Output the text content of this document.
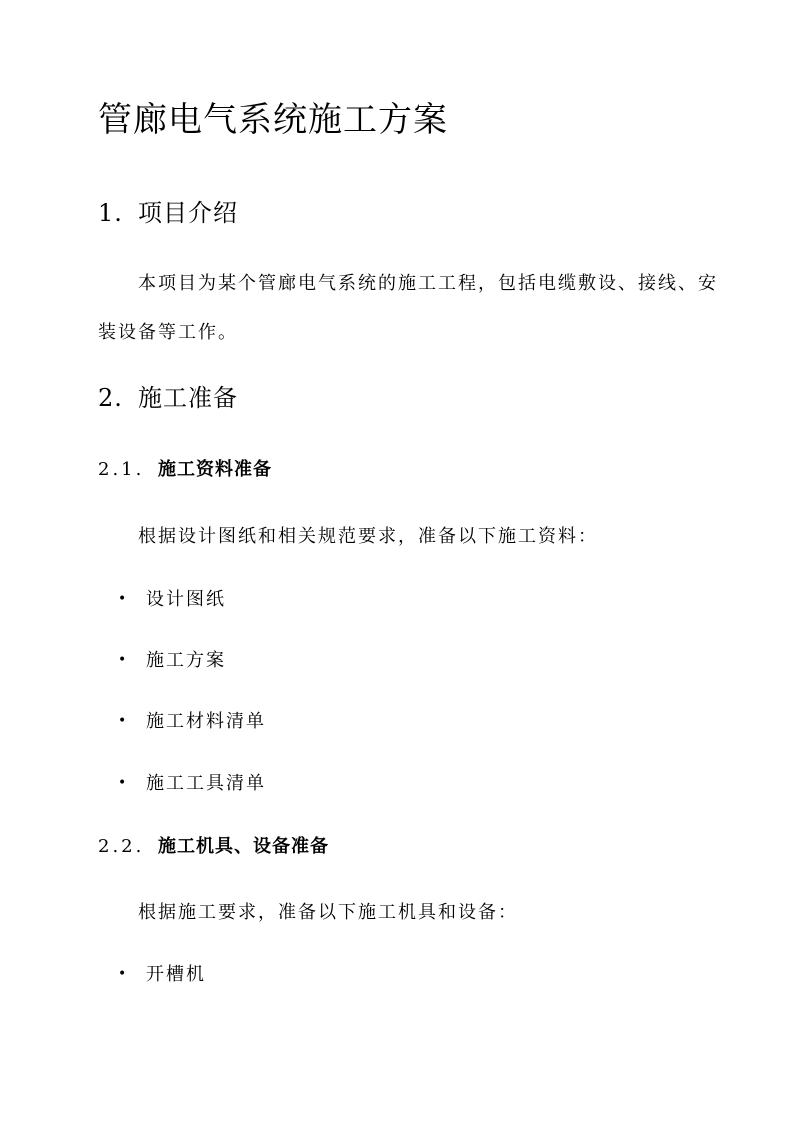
管廊电气系统施工方案
1. 项目介绍
本项目为某个管廊电气系统的施工工程，包括电缆敷设、接线、安装设备等工作。
2. 施工准备
2.1. 施工资料准备
根据设计图纸和相关规范要求，准备以下施工资料：
• 设计图纸
• 施工方案
• 施工材料清单
• 施工工具清单
2.2. 施工机具、设备准备
根据施工要求，准备以下施工机具和设备：
• 开槽机
